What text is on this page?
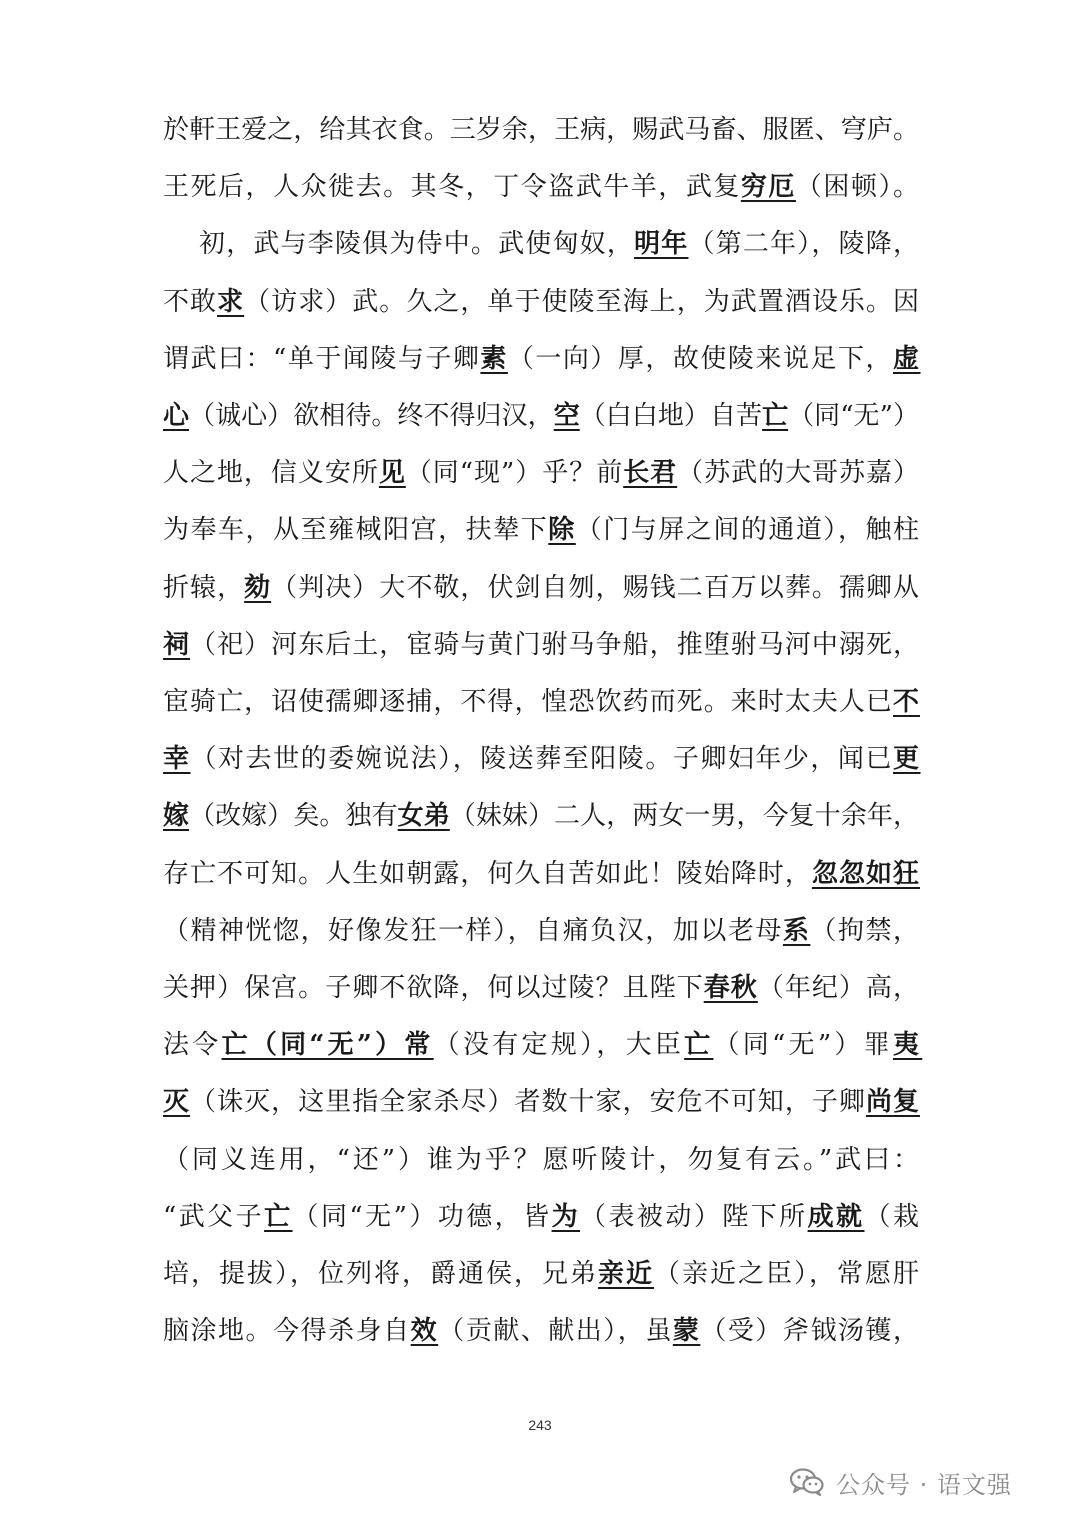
於軒王爱之，给其衣食。三岁余，王病，赐武马畜、服匿、穹庐。
王死后，人众徙去。其冬，丁令盗武牛羊，武复穷厄（困顿）。
初，武与李陵俱为侍中。武使匈奴，明年（第二年），陵降，
不敢求（访求）武。久之，单于使陵至海上，为武置酒设乐。因
谓武曰：“单于闻陵与子卿素（一向）厚，故使陵来说足下，虚
心（诚心）欲相待。终不得归汉，空（白白地）自苦亡（同“无”）
人之地，信义安所见（同“现”）乎？前长君（苏武的大哥苏嘉）
为奉车，从至雍棫阳宫，扶辇下除（门与屏之间的通道），触柱
折辕，劾（判决）大不敬，伏剑自刎，赐钱二百万以葬。孺卿从
祠（祀）河东后土，宦骑与黄门驸马争船，推堕驸马河中溺死，
宦骑亡，诏使孺卿逐捕，不得，惶恐饮药而死。来时太夫人已不
幸（对去世的委婉说法），陵送葬至阳陵。子卿妇年少，闻已更
嫁（改嫁）矣。独有女弟（妹妹）二人，两女一男，今复十余年，
存亡不可知。人生如朝露，何久自苦如此！陵始降时，忽忽如狂
（精神恍惚，好像发狂一样），自痛负汉，加以老母系（拘禁，
关押）保宫。子卿不欲降，何以过陵？且陛下春秋（年纪）高，
法令亡（同“无”）常（没有定规），大臣亡（同“无”）罪夷
灭（诛灭，这里指全家杀尽）者数十家，安危不可知，子卿尚复
（同义连用，“还”）谁为乎？愿听陵计，勿复有云。”武曰：
“武父子亡（同“无”）功德，皆为（表被动）陛下所成就（栽
培，提拔），位列将，爵通侯，兄弟亲近（亲近之臣），常愿肝
脑涂地。今得杀身自效（贡献、献出），虽蒙（受）斧钺汤镬，
243
公众号 · 语文强
